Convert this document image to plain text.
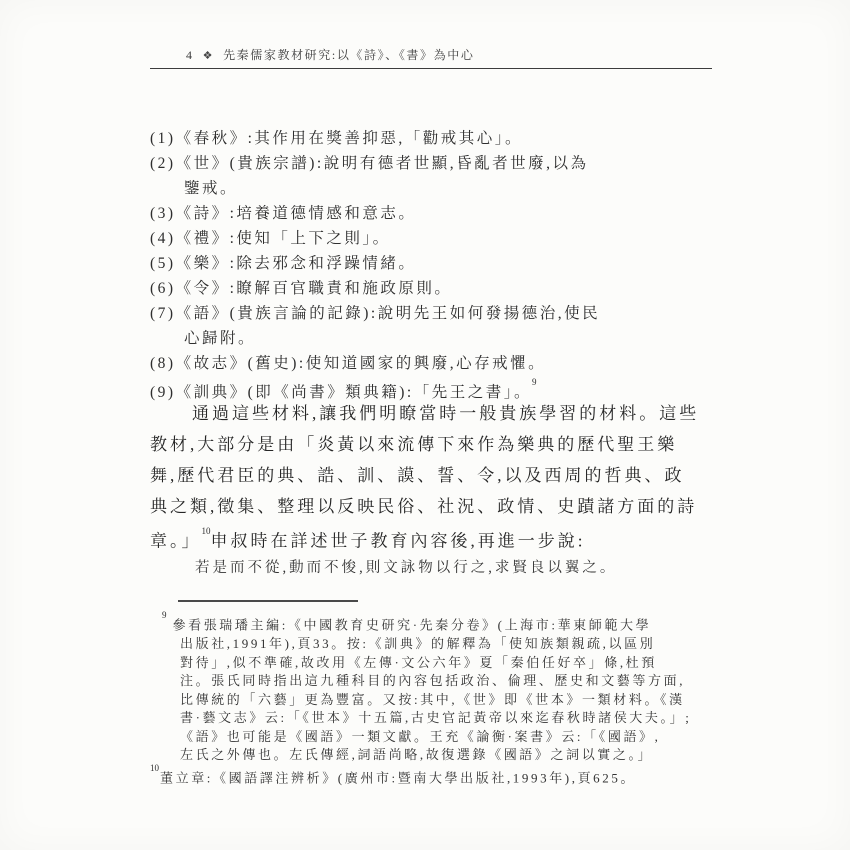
4 ❖ 先秦儒家教材研究:以《詩》、《書》為中心
(1)《春秋》:其作用在獎善抑惡,「勸戒其心」。
(2)《世》(貴族宗譜):說明有德者世顯,昏亂者世廢,以為
鑒戒。
(3)《詩》:培養道德情感和意志。
(4)《禮》:使知「上下之則」。
(5)《樂》:除去邪念和浮躁情緒。
(6)《令》:瞭解百官職責和施政原則。
(7)《語》(貴族言論的記錄):說明先王如何發揚德治,使民
心歸附。
(8)《故志》(舊史):使知道國家的興廢,心存戒懼。
(9)《訓典》(即《尚書》類典籍):「先王之書」。$^9$
通過這些材料,讓我們明瞭當時一般貴族學習的材料。這些
教材,大部分是由「炎黃以來流傳下來作為樂典的歷代聖王樂
舞,歷代君臣的典、誥、訓、謨、誓、令,以及西周的哲典、政
典之類,徵集、整理以反映民俗、社況、政情、史蹟諸方面的詩
章。」$^{10}$申叔時在詳述世子教育內容後,再進一步說:
若是而不從,動而不悛,則文詠物以行之,求賢良以翼之。
$^9$參看張瑞璠主編:《中國教育史研究·先秦分卷》(上海市:華東師範大學
出版社,1991年),頁33。按:《訓典》的解釋為「使知族類親疏,以區別
對待」,似不準確,故改用《左傳·文公六年》夏「秦伯任好卒」條,杜預
注。張氏同時指出這九種科目的內容包括政治、倫理、歷史和文藝等方面,
比傳統的「六藝」更為豐富。又按:其中,《世》即《世本》一類材料。《漢
書·藝文志》云:「《世本》十五篇,古史官記黃帝以來迄春秋時諸侯大夫。」;
《語》也可能是《國語》一類文獻。王充《論衡·案書》云:「《國語》,
左氏之外傳也。左氏傳經,詞語尚略,故復選錄《國語》之詞以實之。」
$^{10}$董立章:《國語譯注辨析》(廣州市:暨南大學出版社,1993年),頁625。
